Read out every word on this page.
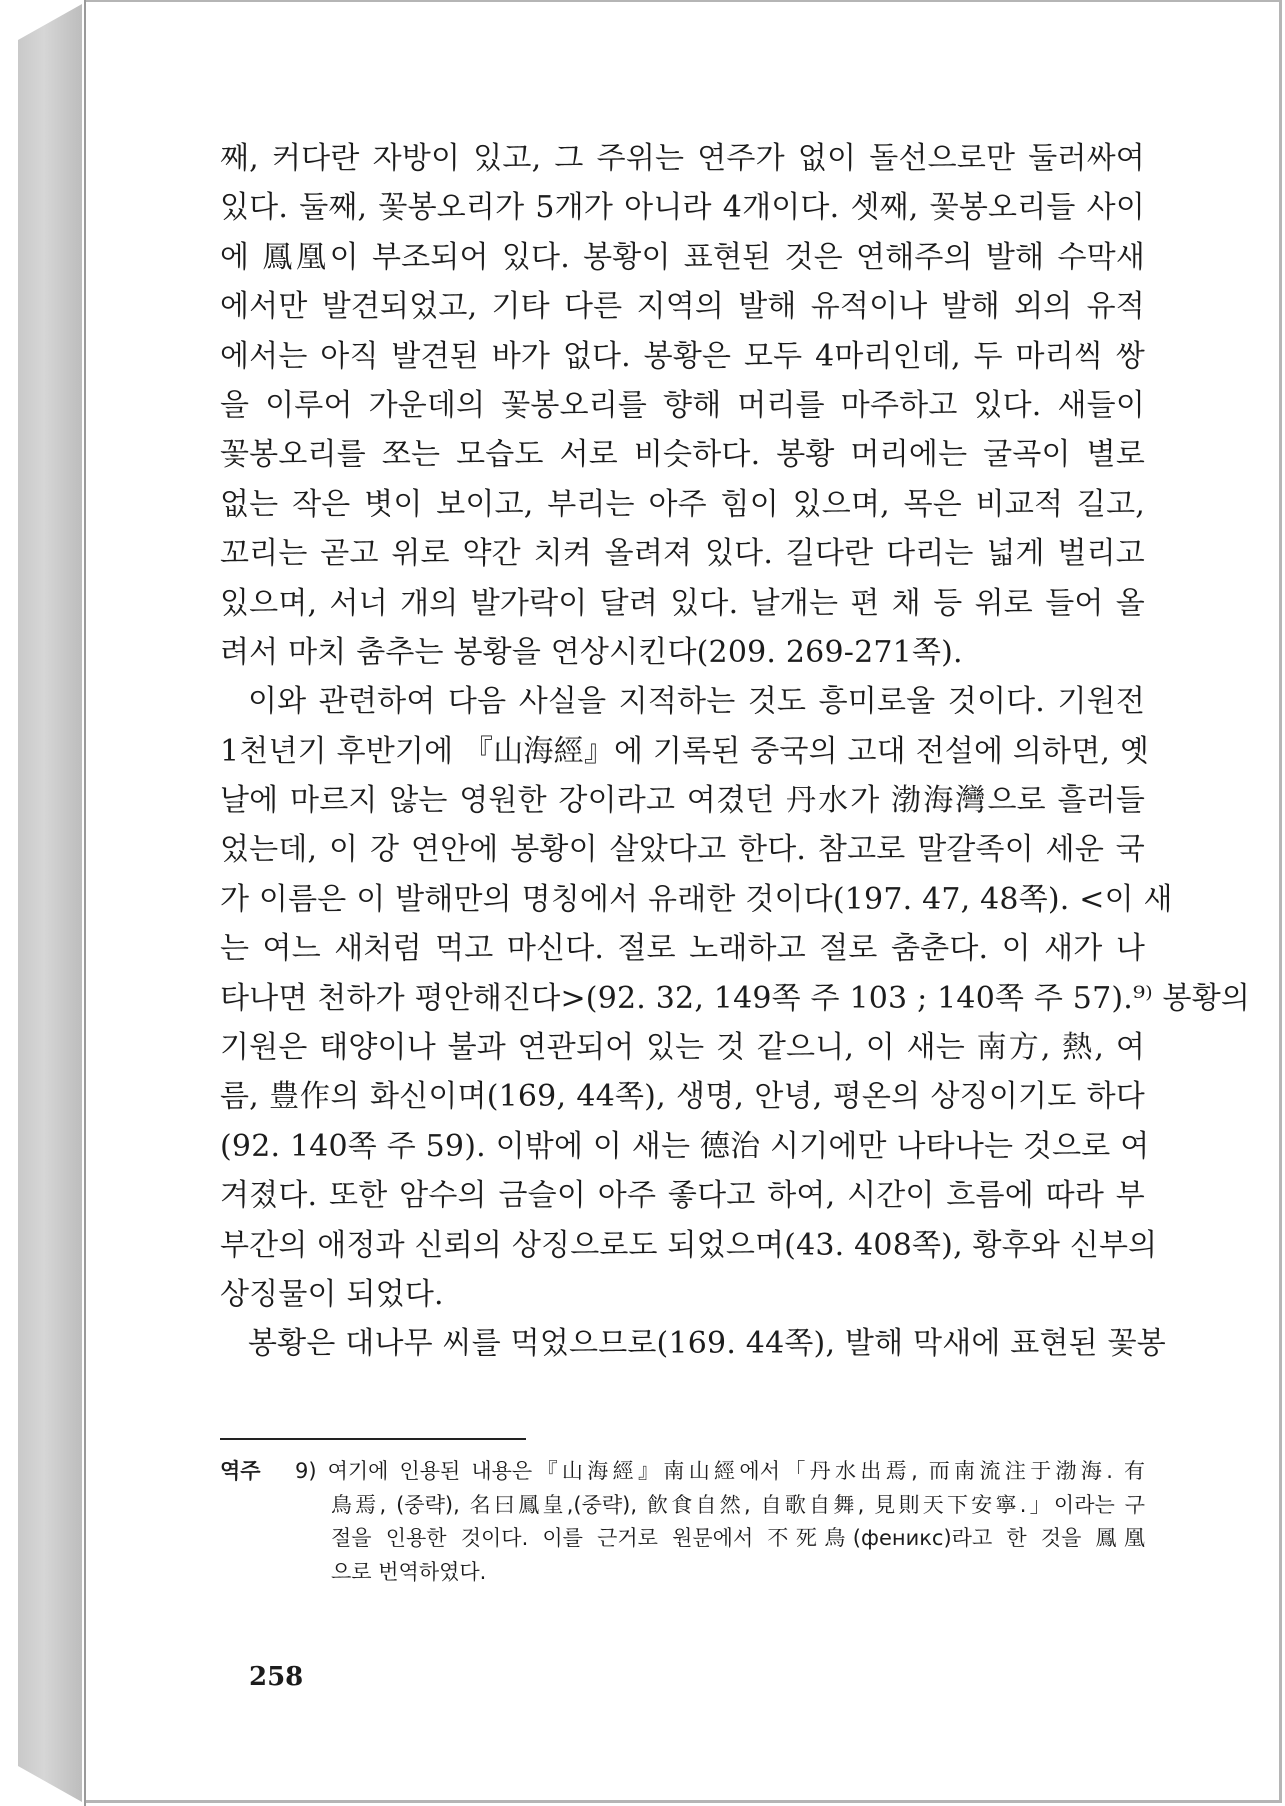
째, 커다란 자방이 있고, 그 주위는 연주가 없이 돌선으로만 둘러싸여
있다. 둘째, 꽃봉오리가 5개가 아니라 4개이다. 셋째, 꽃봉오리들 사이
에 鳳凰이 부조되어 있다. 봉황이 표현된 것은 연해주의 발해 수막새
에서만 발견되었고, 기타 다른 지역의 발해 유적이나 발해 외의 유적
에서는 아직 발견된 바가 없다. 봉황은 모두 4마리인데, 두 마리씩 쌍
을 이루어 가운데의 꽃봉오리를 향해 머리를 마주하고 있다. 새들이
꽃봉오리를 쪼는 모습도 서로 비슷하다. 봉황 머리에는 굴곡이 별로
없는 작은 볏이 보이고, 부리는 아주 힘이 있으며, 목은 비교적 길고,
꼬리는 곧고 위로 약간 치켜 올려져 있다. 길다란 다리는 넓게 벌리고
있으며, 서너 개의 발가락이 달려 있다. 날개는 편 채 등 위로 들어 올
려서 마치 춤추는 봉황을 연상시킨다(209. 269-271쪽).
이와 관련하여 다음 사실을 지적하는 것도 흥미로울 것이다. 기원전
1천년기 후반기에 『山海經』에 기록된 중국의 고대 전설에 의하면, 옛
날에 마르지 않는 영원한 강이라고 여겼던 丹水가 渤海灣으로 흘러들
었는데, 이 강 연안에 봉황이 살았다고 한다. 참고로 말갈족이 세운 국
가 이름은 이 발해만의 명칭에서 유래한 것이다(197. 47, 48쪽). <이 새
는 여느 새처럼 먹고 마신다. 절로 노래하고 절로 춤춘다. 이 새가 나
타나면 천하가 평안해진다>(92. 32, 149쪽 주 103 ; 140쪽 주 57).⁹⁾ 봉황의
기원은 태양이나 불과 연관되어 있는 것 같으니, 이 새는 南方, 熱, 여
름, 豊作의 화신이며(169, 44쪽), 생명, 안녕, 평온의 상징이기도 하다
(92. 140쪽 주 59). 이밖에 이 새는 德治 시기에만 나타나는 것으로 여
겨졌다. 또한 암수의 금슬이 아주 좋다고 하여, 시간이 흐름에 따라 부
부간의 애정과 신뢰의 상징으로도 되었으며(43. 408쪽), 황후와 신부의
상징물이 되었다.
봉황은 대나무 씨를 먹었으므로(169. 44쪽), 발해 막새에 표현된 꽃봉
역주 9) 여기에 인용된 내용은『山海經』南山經에서「丹水出焉, 而南流注于渤海. 有
鳥焉, (중략), 名曰鳳皇,(중략), 飮食自然, 自歌自舞, 見則天下安寧.」이라는 구
절을 인용한 것이다. 이를 근거로 원문에서 不死鳥(феникс)라고 한 것을 鳳凰
으로 번역하였다.
258
